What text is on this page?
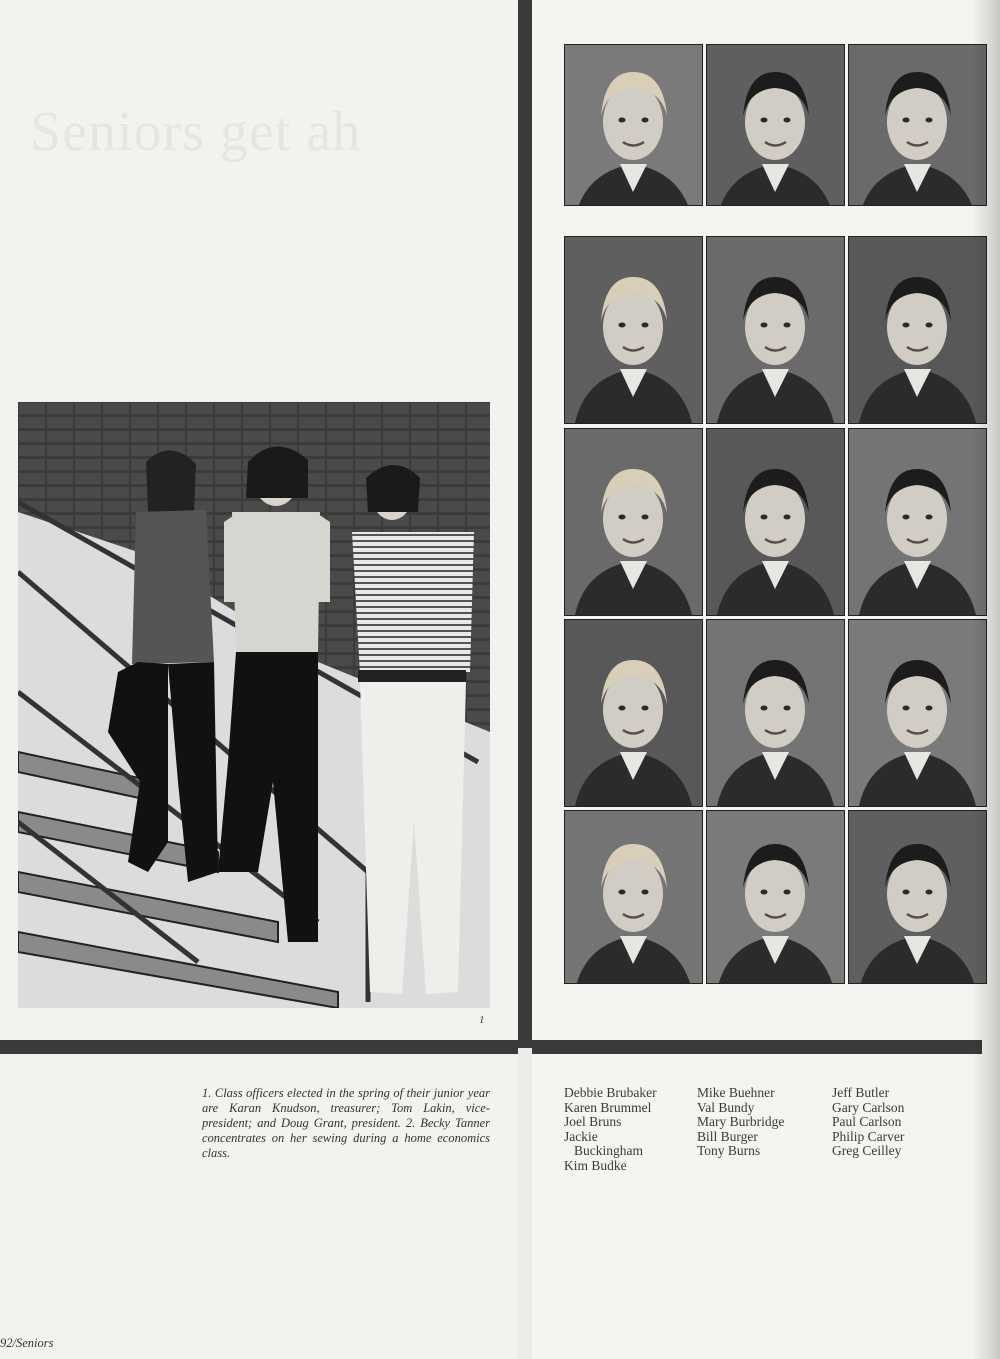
Seniors get ah
1
1. Class officers elected in the spring of their junior year are Karan Knudson, treasurer; Tom Lakin, vice-president; and Doug Grant, president. 2. Becky Tanner concentrates on her sewing during a home economics class.
92/Seniors
Debbie Brubaker
Karen Brummel
Joel Bruns
Jackie
Buckingham
Kim Budke
Mike Buehner
Val Bundy
Mary Burbridge
Bill Burger
Tony Burns
Jeff Butler
Gary Carlson
Paul Carlson
Philip Carver
Greg Ceilley
